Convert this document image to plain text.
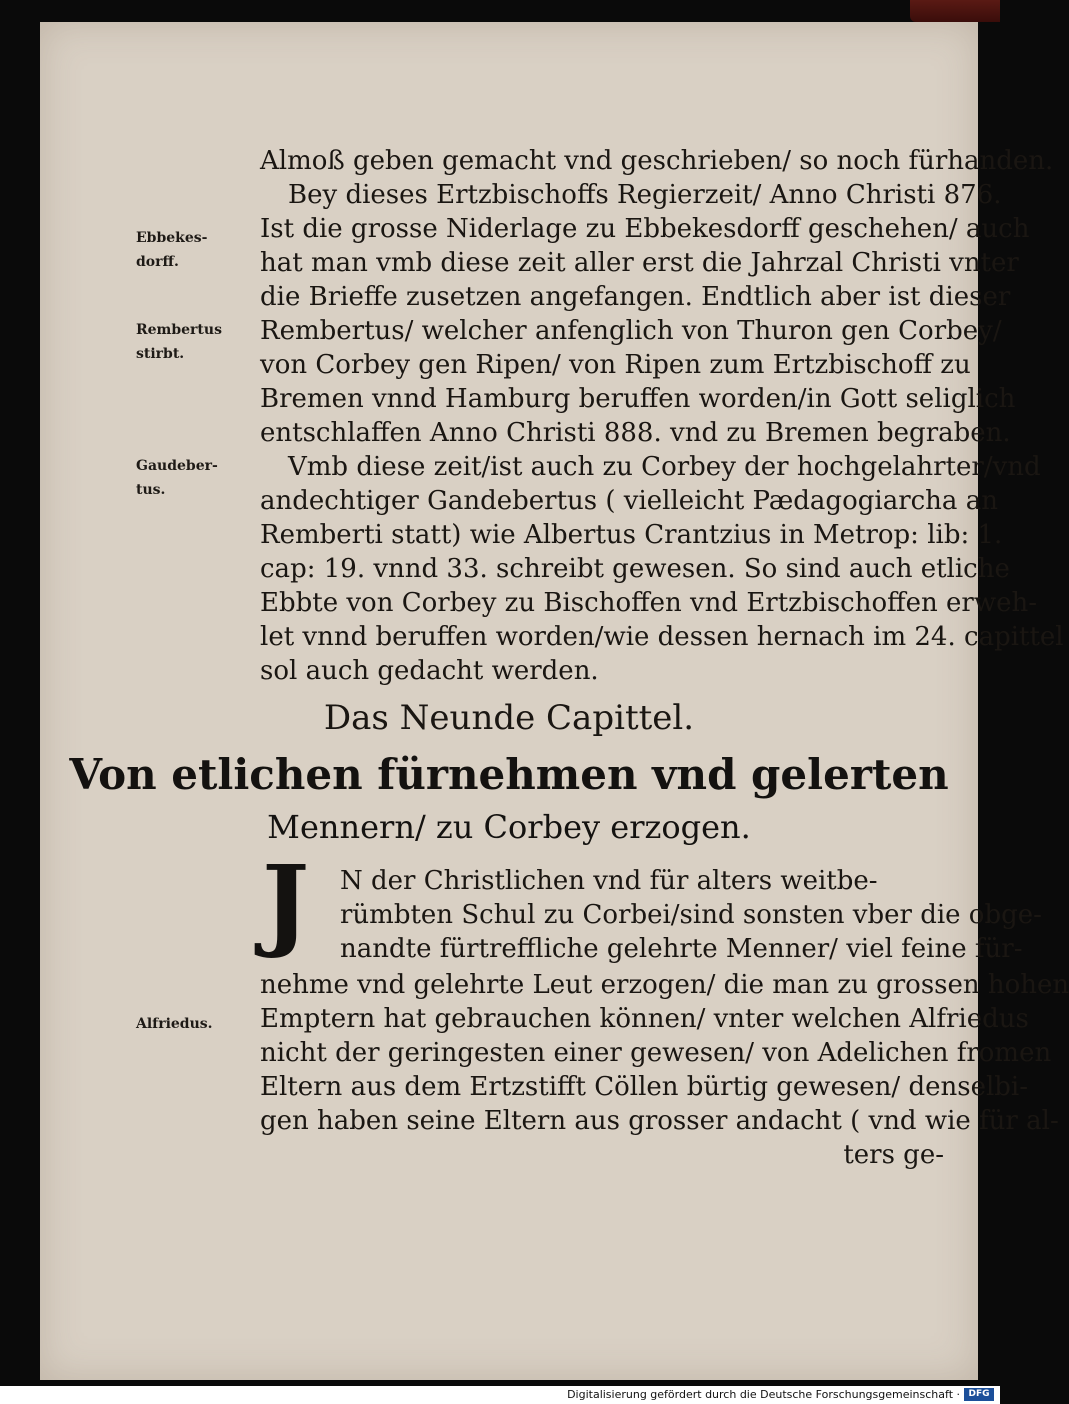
Ebbekes-
dorff.
Rembertus
stirbt.
Gaudeber-
tus.
Alfriedus.
Almoß geben gemacht vnd geschrieben/ so noch fürhanden.
Bey dieses Ertzbischoffs Regierzeit/ Anno Christi 876.
Ist die grosse Niderlage zu Ebbekesdorff geschehen/ auch
hat man vmb diese zeit aller erst die Jahrzal Christi vnter
die Brieffe zusetzen angefangen. Endtlich aber ist dieser
Rembertus/ welcher anfenglich von Thuron gen Corbey/
von Corbey gen Ripen/ von Ripen zum Ertzbischoff zu
Bremen vnnd Hamburg beruffen worden/in Gott seliglich
entschlaffen Anno Christi 888. vnd zu Bremen begraben.
Vmb diese zeit/ist auch zu Corbey der hochgelahrter/vnd
andechtiger Gandebertus ( vielleicht Pædagogiarcha an
Remberti statt) wie Albertus Crantzius in Metrop: lib: 1.
cap: 19. vnnd 33. schreibt gewesen. So sind auch etliche
Ebbte von Corbey zu Bischoffen vnd Ertzbischoffen erweh-
let vnnd beruffen worden/wie dessen hernach im 24. capittel
sol auch gedacht werden.
Das Neunde Capittel.
Von etlichen fürnehmen vnd gelerten
Mennern/ zu Corbey erzogen.
J	N der Christlichen vnd für alters weitbe-
rümbten Schul zu Corbei/sind sonsten vber die obge-
nandte fürtreffliche gelehrte Menner/ viel feine für-
nehme vnd gelehrte Leut erzogen/ die man zu grossen hohen
Emptern hat gebrauchen können/ vnter welchen Alfriedus
nicht der geringesten einer gewesen/ von Adelichen fromen
Eltern aus dem Ertzstifft Cöllen bürtig gewesen/ denselbi-
gen haben seine Eltern aus grosser andacht ( vnd wie für al-
ters ge-
Digitalisierung gefördert durch die Deutsche Forschungsgemeinschaft · DFG
